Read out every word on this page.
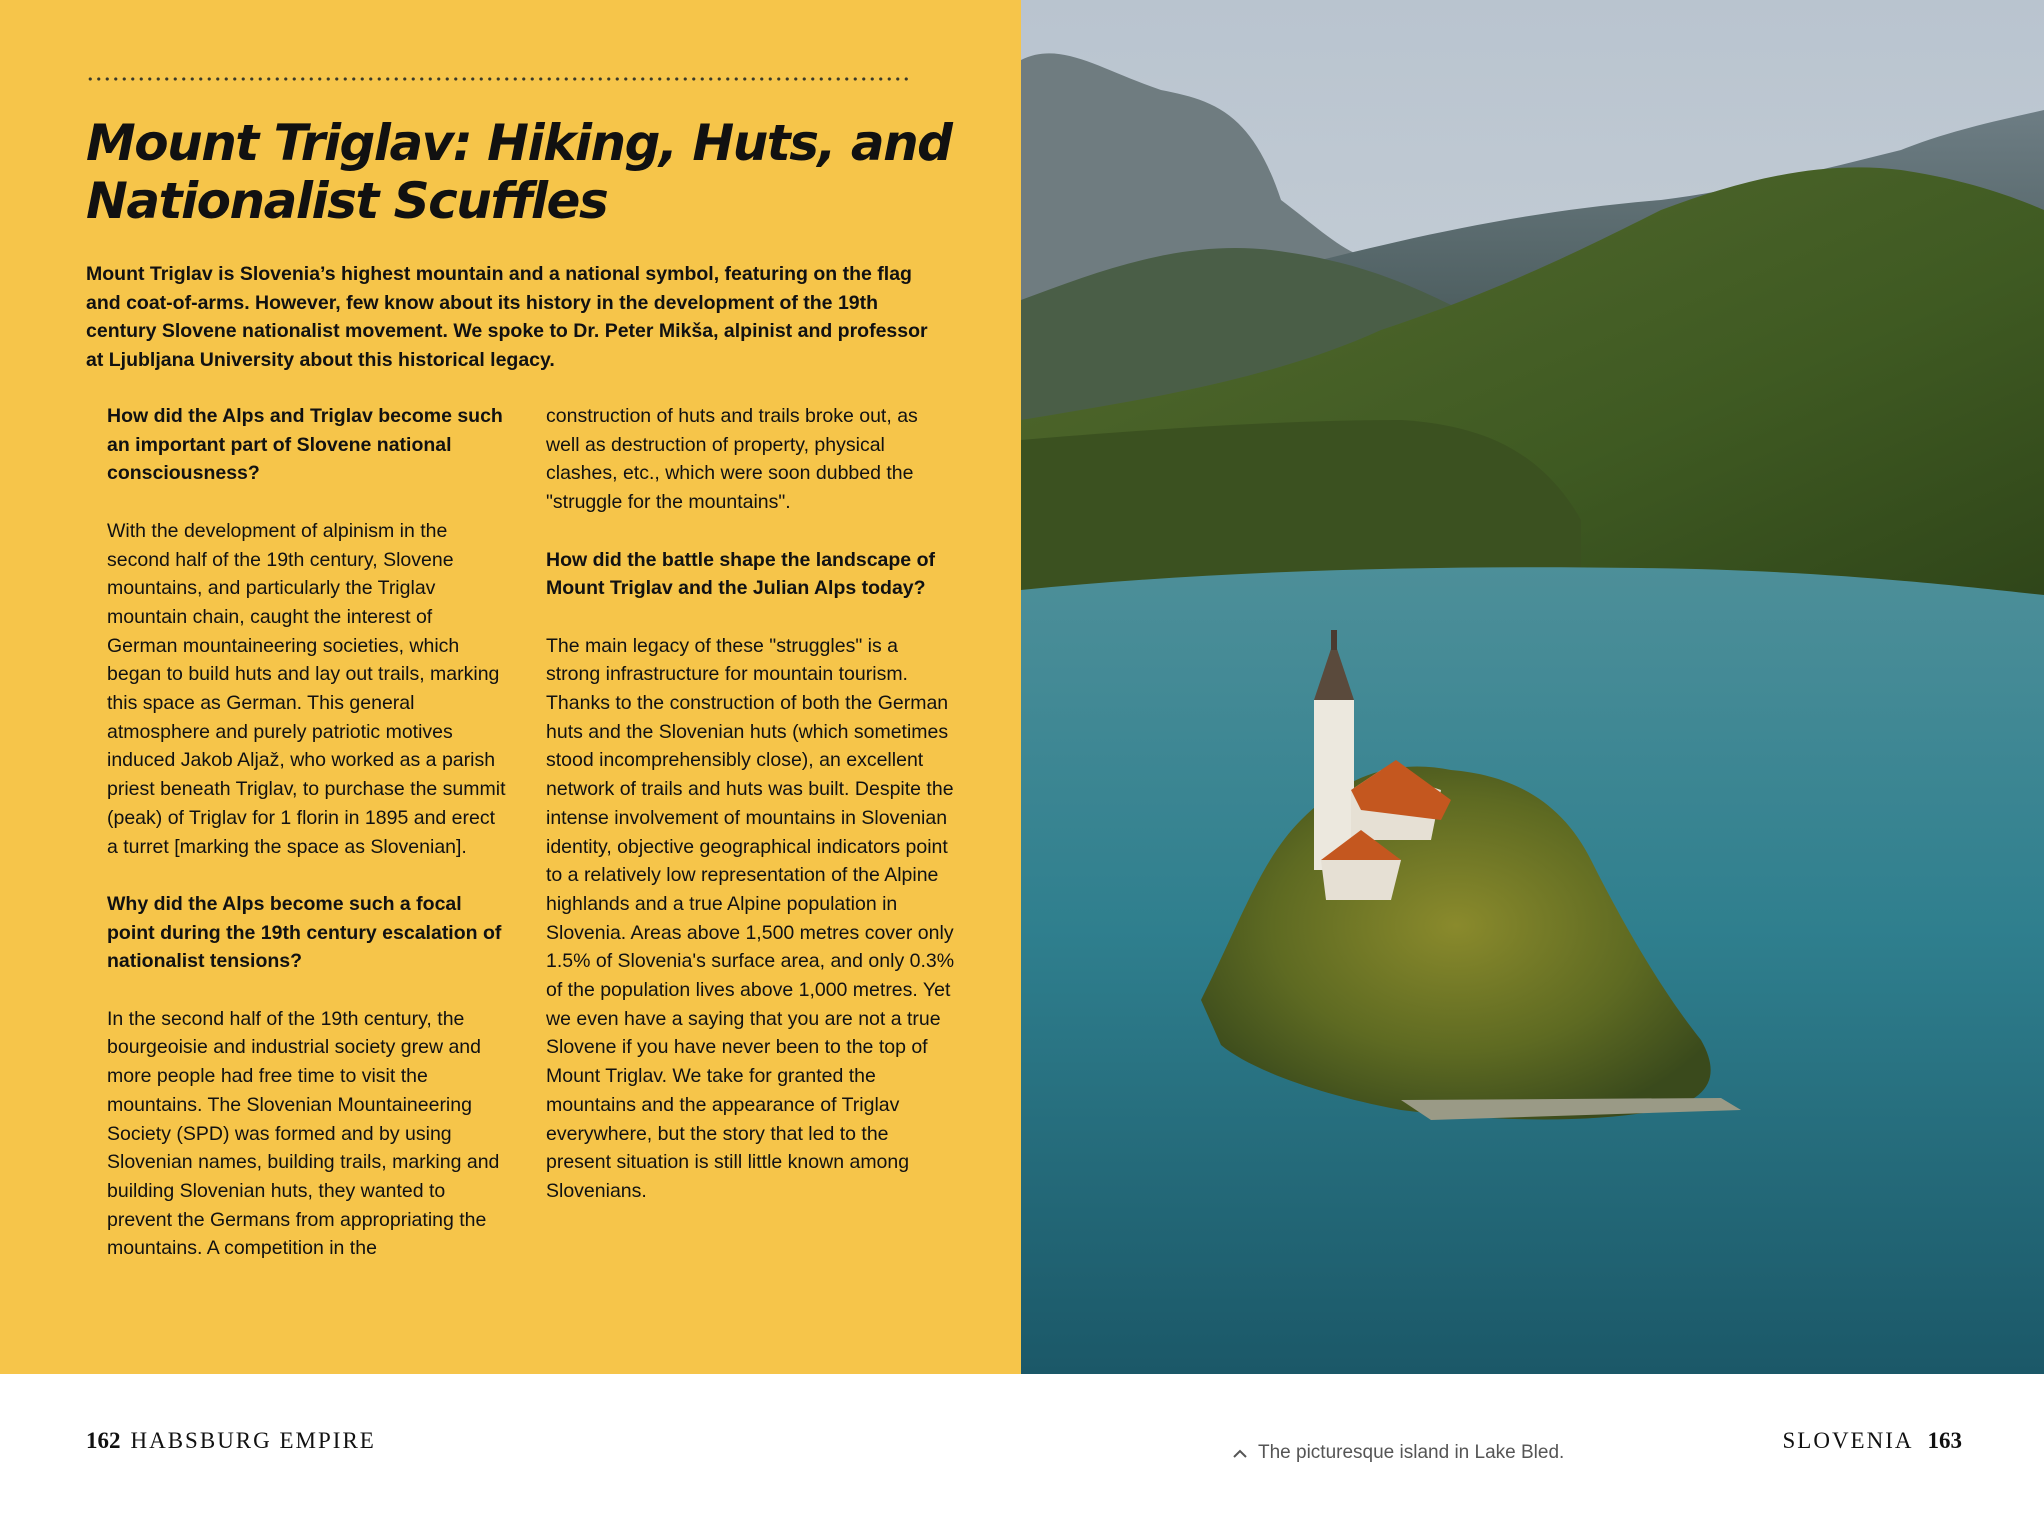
Mount Triglav: Hiking, Huts, and Nationalist Scuffles

Mount Triglav is Slovenia’s highest mountain and a national symbol, featuring on the flag and coat-of-arms. However, few know about its history in the development of the 19th century Slovene nationalist movement. We spoke to Dr. Peter Mikša, alpinist and professor at Ljubljana University about this historical legacy.

How did the Alps and Triglav become such an important part of Slovene national consciousness?

With the development of alpinism in the second half of the 19th century, Slovene mountains, and particularly the Triglav mountain chain, caught the interest of German mountaineering societies, which began to build huts and lay out trails, marking this space as German. This general atmosphere and purely patriotic motives induced Jakob Aljaž, who worked as a parish priest beneath Triglav, to purchase the summit (peak) of Triglav for 1 florin in 1895 and erect a turret [marking the space as Slovenian].

Why did the Alps become such a focal point during the 19th century escalation of nationalist tensions?

In the second half of the 19th century, the bourgeoisie and industrial society grew and more people had free time to visit the mountains. The Slovenian Mountaineering Society (SPD) was formed and by using Slovenian names, building trails, marking and building Slovenian huts, they wanted to prevent the Germans from appropriating the mountains. A competition in the

construction of huts and trails broke out, as well as destruction of property, physical clashes, etc., which were soon dubbed the "struggle for the mountains".

How did the battle shape the landscape of Mount Triglav and the Julian Alps today?

The main legacy of these "struggles" is a strong infrastructure for mountain tourism. Thanks to the construction of both the German huts and the Slovenian huts (which sometimes stood incomprehensibly close), an excellent network of trails and huts was built. Despite the intense involvement of mountains in Slovenian identity, objective geographical indicators point to a relatively low representation of the Alpine highlands and a true Alpine population in Slovenia. Areas above 1,500 metres cover only 1.5% of Slovenia's surface area, and only 0.3% of the population lives above 1,000 metres. Yet we even have a saying that you are not a true Slovene if you have never been to the top of Mount Triglav. We take for granted the mountains and the appearance of Triglav everywhere, but the story that led to the present situation is still little known among Slovenians.

162 HABSBURG EMPIRE	The picturesque island in Lake Bled.	SLOVENIA 163
